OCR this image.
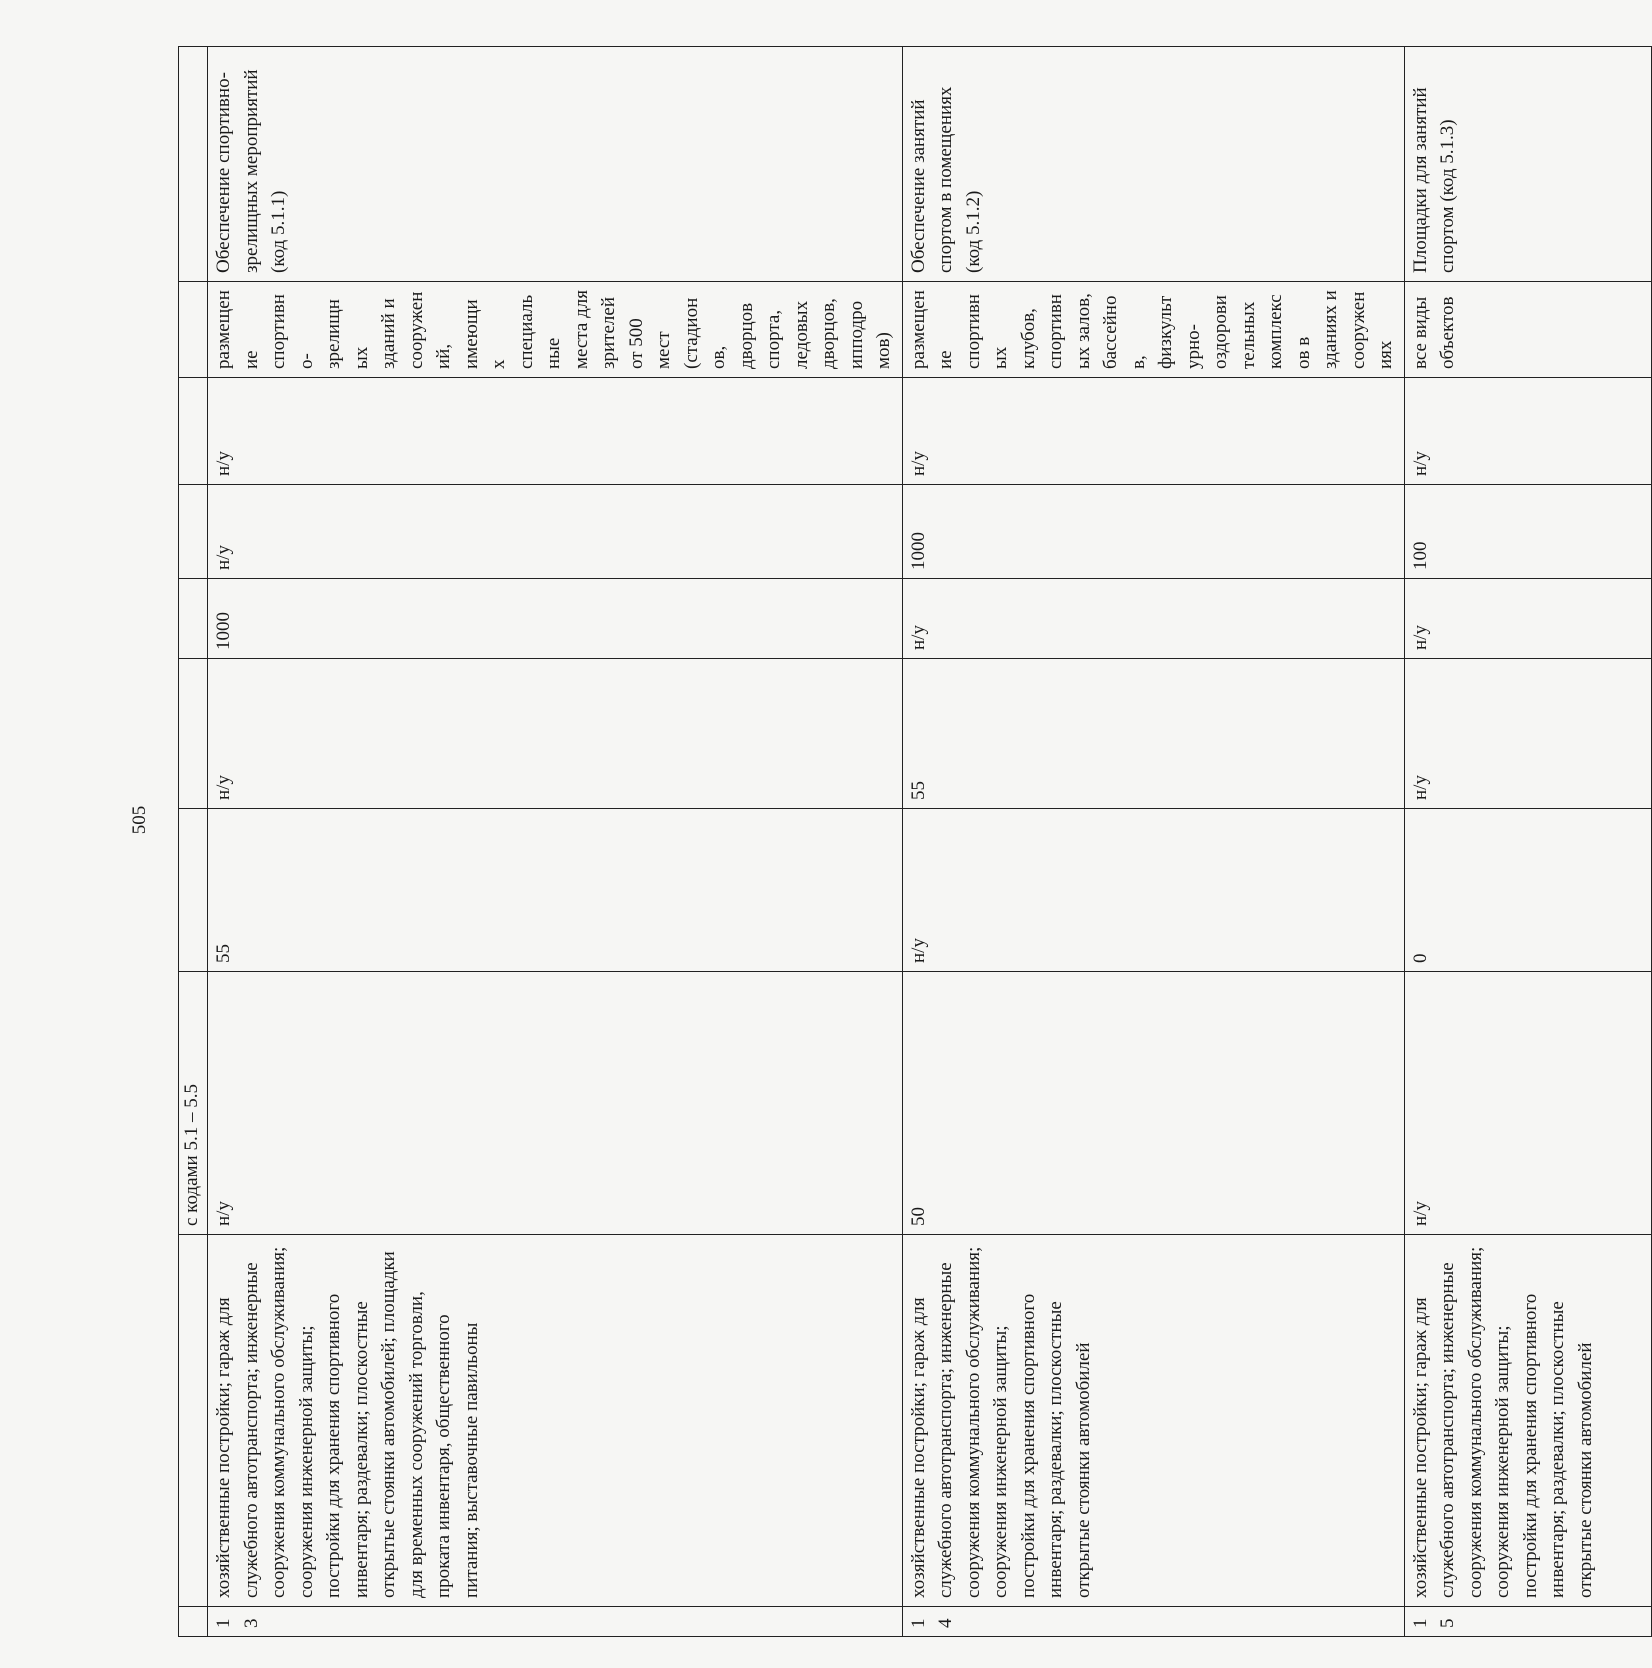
505
		с кодами 5.1 – 5.5							
13	хозяйственные постройки; гараж для служебного автотранспорта; инженерные сооружения коммунального обслуживания; сооружения инженерной защиты; постройки для хранения спортивного инвентаря; раздевалки; плоскостные открытые стоянки автомобилей; площадки для временных сооружений торговли, проката инвентаря, общественного питания; выставочные павильоны	н/у	55	н/у	1000	н/у	н/у	размещение спортивно-зрелищных зданий и сооружений, имеющих специальные места для зрителей от 500 мест (стадионов, дворцов спорта, ледовых дворцов, ипподромов)	Обеспечение спортивно-зрелищных мероприятий (код 5.1.1)
14	хозяйственные постройки; гараж для служебного автотранспорта; инженерные сооружения коммунального обслуживания; сооружения инженерной защиты; постройки для хранения спортивного инвентаря; раздевалки; плоскостные открытые стоянки автомобилей	50	н/у	55	н/у	1000	н/у	размещение спортивных клубов, спортивных залов, бассейнов, физкультурно-оздоровительных комплексов в зданиях и сооружениях	Обеспечение занятий спортом в помещениях (код 5.1.2)
15	хозяйственные постройки; гараж для служебного автотранспорта; инженерные сооружения коммунального обслуживания; сооружения инженерной защиты; постройки для хранения спортивного инвентаря; раздевалки; плоскостные открытые стоянки автомобилей	н/у	0	н/у	н/у	100	н/у	все виды объектов	Площадки для занятий спортом (код 5.1.3)
